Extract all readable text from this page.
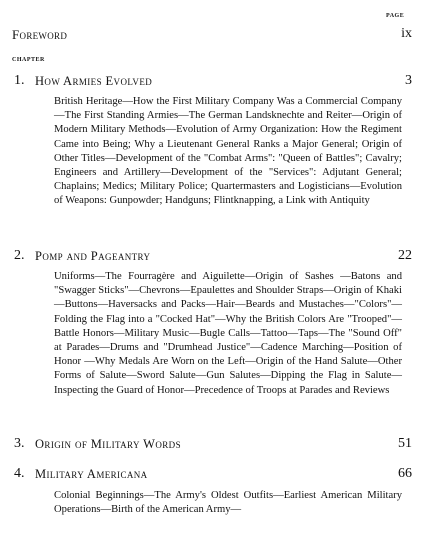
PAGE
Foreword	ix
CHAPTER
1. How Armies Evolved	3
British Heritage—How the First Military Company Was a Commercial Company—The First Standing Armies—The German Landsknechte and Reiter—Origin of Modern Military Methods—Evolution of Army Organization: How the Regiment Came into Being; Why a Lieutenant General Ranks a Major General; Origin of Other Titles—Development of the "Combat Arms": "Queen of Battles"; Cavalry; Engineers and Artillery—Development of the "Services": Adjutant General; Chaplains; Medics; Military Police; Quartermasters and Logisticians—Evolution of Weapons: Gunpowder; Handguns; Flintknapping, a Link with Antiquity
2. Pomp and Pageantry	22
Uniforms—The Fourragère and Aiguilette—Origin of Sashes —Batons and "Swagger Sticks"—Chevrons—Epaulettes and Shoulder Straps—Origin of Khaki—Buttons—Haversacks and Packs—Hair—Beards and Mustaches—"Colors"—Folding the Flag into a "Cocked Hat"—Why the British Colors Are "Trooped"—Battle Honors—Military Music—Bugle Calls—Tattoo—Taps—The "Sound Off" at Parades—Drums and "Drumhead Justice"—Cadence Marching—Position of Honor —Why Medals Are Worn on the Left—Origin of the Hand Salute—Other Forms of Salute—Sword Salute—Gun Salutes—Dipping the Flag in Salute—Inspecting the Guard of Honor—Precedence of Troops at Parades and Reviews
3. Origin of Military Words	51
4. Military Americana	66
Colonial Beginnings—The Army's Oldest Outfits—Earliest American Military Operations—Birth of the American Army—
